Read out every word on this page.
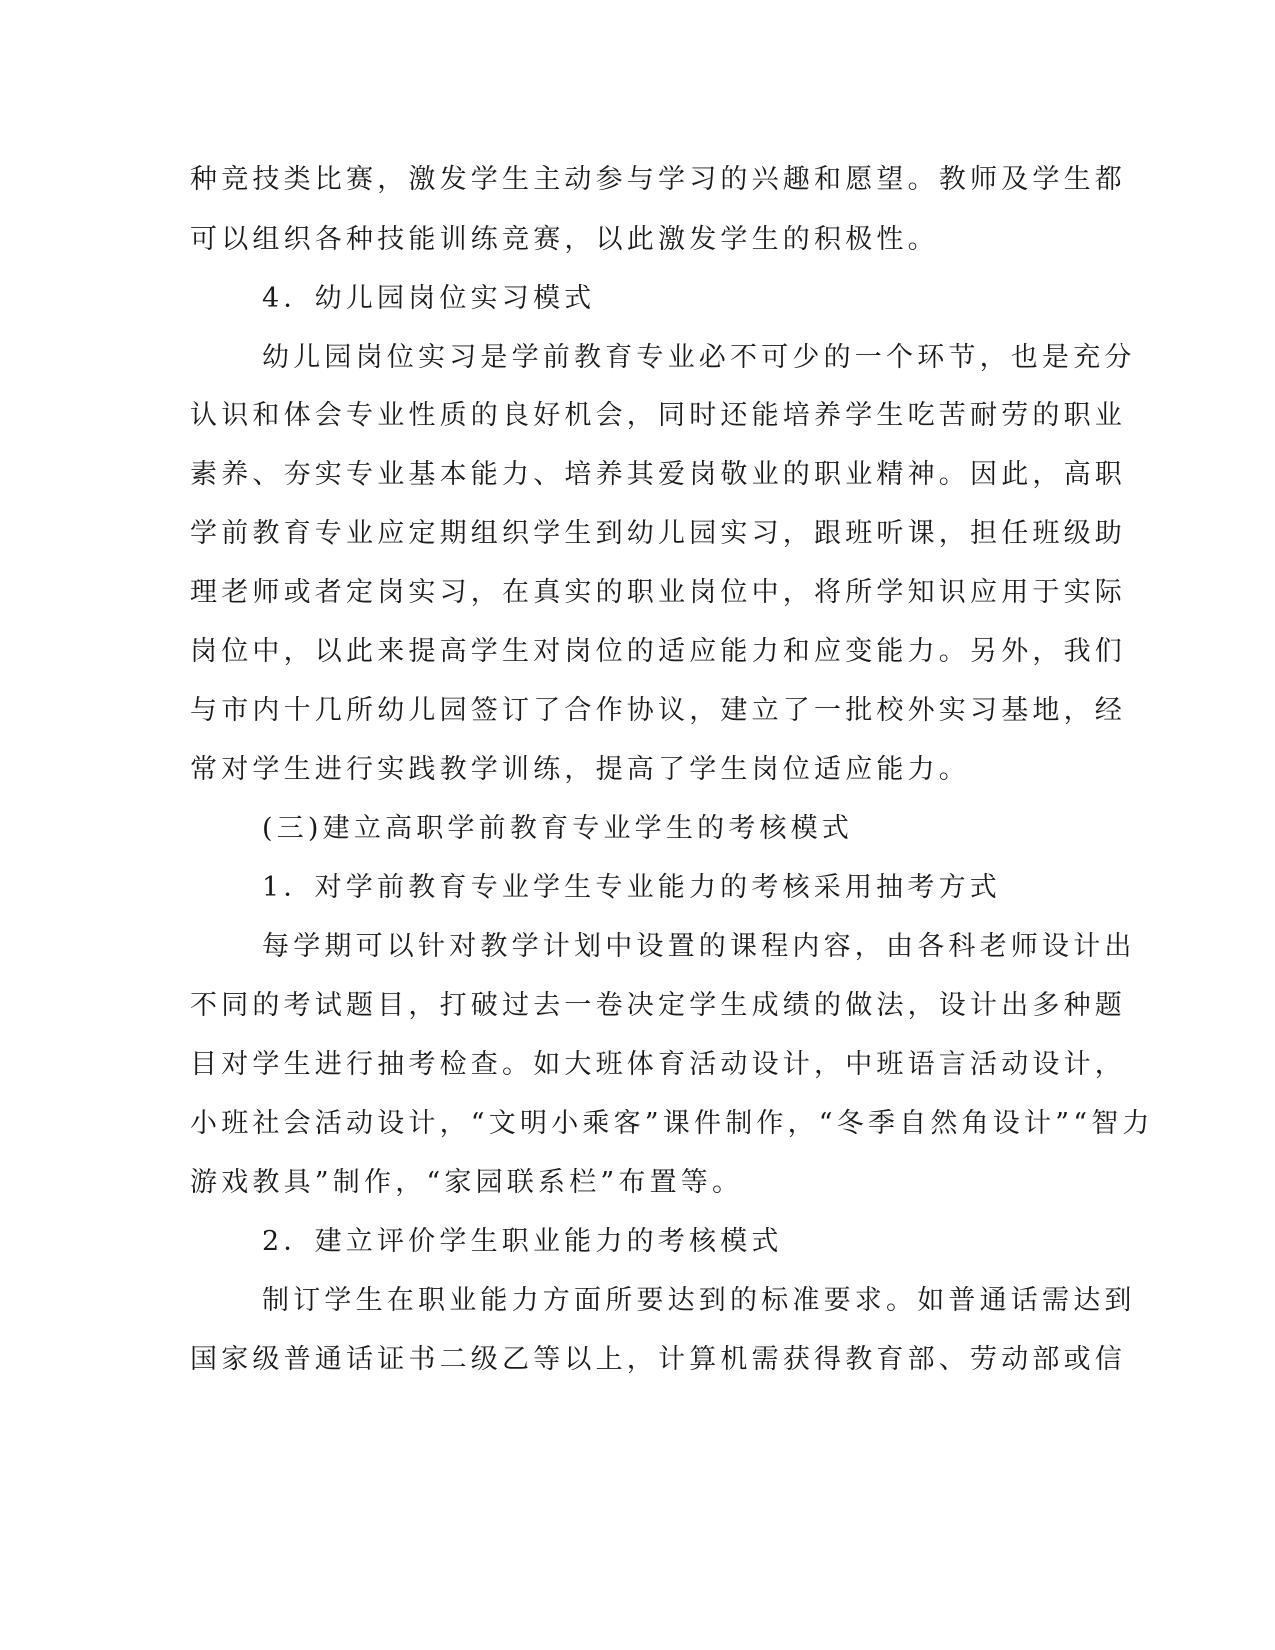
种竞技类比赛，激发学生主动参与学习的兴趣和愿望。教师及学生都
可以组织各种技能训练竞赛，以此激发学生的积极性。
4．幼儿园岗位实习模式
幼儿园岗位实习是学前教育专业必不可少的一个环节，也是充分
认识和体会专业性质的良好机会，同时还能培养学生吃苦耐劳的职业
素养、夯实专业基本能力、培养其爱岗敬业的职业精神。因此，高职
学前教育专业应定期组织学生到幼儿园实习，跟班听课，担任班级助
理老师或者定岗实习，在真实的职业岗位中，将所学知识应用于实际
岗位中，以此来提高学生对岗位的适应能力和应变能力。另外，我们
与市内十几所幼儿园签订了合作协议，建立了一批校外实习基地，经
常对学生进行实践教学训练，提高了学生岗位适应能力。
(三)建立高职学前教育专业学生的考核模式
1．对学前教育专业学生专业能力的考核采用抽考方式
每学期可以针对教学计划中设置的课程内容，由各科老师设计出
不同的考试题目，打破过去一卷决定学生成绩的做法，设计出多种题
目对学生进行抽考检查。如大班体育活动设计，中班语言活动设计，
小班社会活动设计，“文明小乘客”课件制作，“冬季自然角设计”“智力
游戏教具”制作，“家园联系栏”布置等。
2．建立评价学生职业能力的考核模式
制订学生在职业能力方面所要达到的标准要求。如普通话需达到
国家级普通话证书二级乙等以上，计算机需获得教育部、劳动部或信
